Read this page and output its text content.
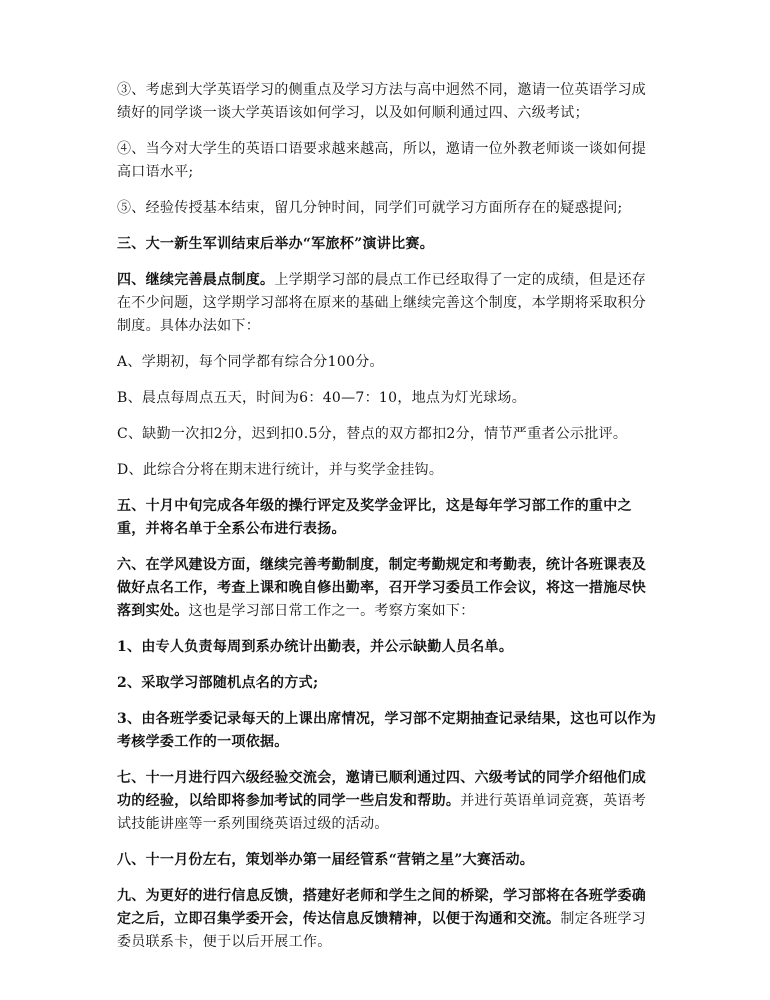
③、考虑到大学英语学习的侧重点及学习方法与高中迥然不同，邀请一位英语学习成绩好的同学谈一谈大学英语该如何学习，以及如何顺利通过四、六级考试；

④、当今对大学生的英语口语要求越来越高，所以，邀请一位外教老师谈一谈如何提高口语水平;

⑤、经验传授基本结束，留几分钟时间，同学们可就学习方面所存在的疑惑提问;

三、大一新生军训结束后举办“军旅杯”演讲比赛。

四、继续完善晨点制度。上学期学习部的晨点工作已经取得了一定的成绩，但是还存在不少问题，这学期学习部将在原来的基础上继续完善这个制度，本学期将采取积分制度。具体办法如下：

A、学期初，每个同学都有综合分100分。

B、晨点每周点五天，时间为6：40—7：10，地点为灯光球场。

C、缺勤一次扣2分，迟到扣0.5分，替点的双方都扣2分，情节严重者公示批评。

D、此综合分将在期末进行统计，并与奖学金挂钩。

五、十月中旬完成各年级的操行评定及奖学金评比，这是每年学习部工作的重中之重，并将名单于全系公布进行表扬。

六、在学风建设方面，继续完善考勤制度，制定考勤规定和考勤表，统计各班课表及做好点名工作，考查上课和晚自修出勤率，召开学习委员工作会议，将这一措施尽快落到实处。这也是学习部日常工作之一。考察方案如下：

1、由专人负责每周到系办统计出勤表，并公示缺勤人员名单。

2、采取学习部随机点名的方式;

3、由各班学委记录每天的上课出席情况，学习部不定期抽查记录结果，这也可以作为考核学委工作的一项依据。

七、十一月进行四六级经验交流会，邀请已顺利通过四、六级考试的同学介绍他们成功的经验，以给即将参加考试的同学一些启发和帮助。并进行英语单词竞赛，英语考试技能讲座等一系列围绕英语过级的活动。

八、十一月份左右，策划举办第一届经管系“营销之星”大赛活动。

九、为更好的进行信息反馈，搭建好老师和学生之间的桥梁，学习部将在各班学委确定之后，立即召集学委开会，传达信息反馈精神，以便于沟通和交流。制定各班学习委员联系卡，便于以后开展工作。
